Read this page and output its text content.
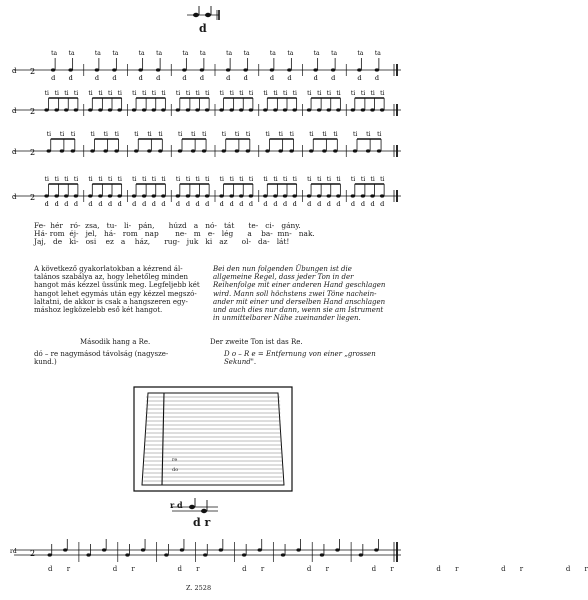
d
d 2
ta
d
ta
d
ta
d
ta
d
ta
d
ta
d
ta
d
ta
d
ta
d
ta
d
ta
d
ta
d
ta
d
ta
d
ta
d
ta
d
d 2
ti ti ti ti ti ti ti ti ti ti ti ti ti ti ti ti ti ti ti ti ti ti ti ti ti ti ti ti ti ti ti ti
d 2
ti ti ti	ti ti ti	ti ti ti	ti ti ti	ti ti ti	ti ti ti	ti ti ti	ti ti ti
d 2
ti
d
ti
d
ti
d
ti
d
ti
d
ti
d
ti
d
ti
d
ti
d
ti
d
ti
d
ti
d
ti
d
ti
d
ti
d
ti
d
ti
d
ti
d
ti
d
ti
d
ti
d
ti
d
ti
d
ti
d
ti
d
ti
d
ti
d
ti
d
ti
d
ti
d
ti
d
ti
d
Fe-  hér   ró-  zsa,   tu-   li-   pán,      húzd   a   nó-   tát      te-   ci-   gány.
Há- rom  éj-   jel,   há-   rom   nap       ne-   m   e-   lég      a    ba-  mn-   nak.
Jaj,   de   ki-   osi    ez   a    ház,      rug-   juk   ki   az      ol-   da-   lát!
A következő gyakorlatokban a kézrend ál-
talános szabálya az, hogy lehetőleg minden
hangot más kézzel üssünk meg. Legfeljebb két
hangot lehet egymás után egy kézzel megszó-
laltatni, de akkor is csak a hangszeren egy-
máshoz legközelebb eső két hangot.
Bei den nun folgenden Übungen ist die
allgemeine Regel, dass jeder Ton in der
Reihenfolge mit einer anderen Hand geschlagen
wird. Mann soll höchstens zwei Töne nachein-
ander mit einer und derselben Hand anschlagen
und auch dies nur dann, wenn sie am Istrument
in unmittelbarer Nähe zueinander liegen.
Második hang a Re.	Der zweite Ton ist das Re.
dó – re nagymásod távolság (nagysze-
kund.)
D o – R e = Entfernung von einer „grossen
Sekund".
re
do
r d
d r
rd 2
d r   d r   d r   d r   d r   d r   d r   d r   d r
Z. 2528
